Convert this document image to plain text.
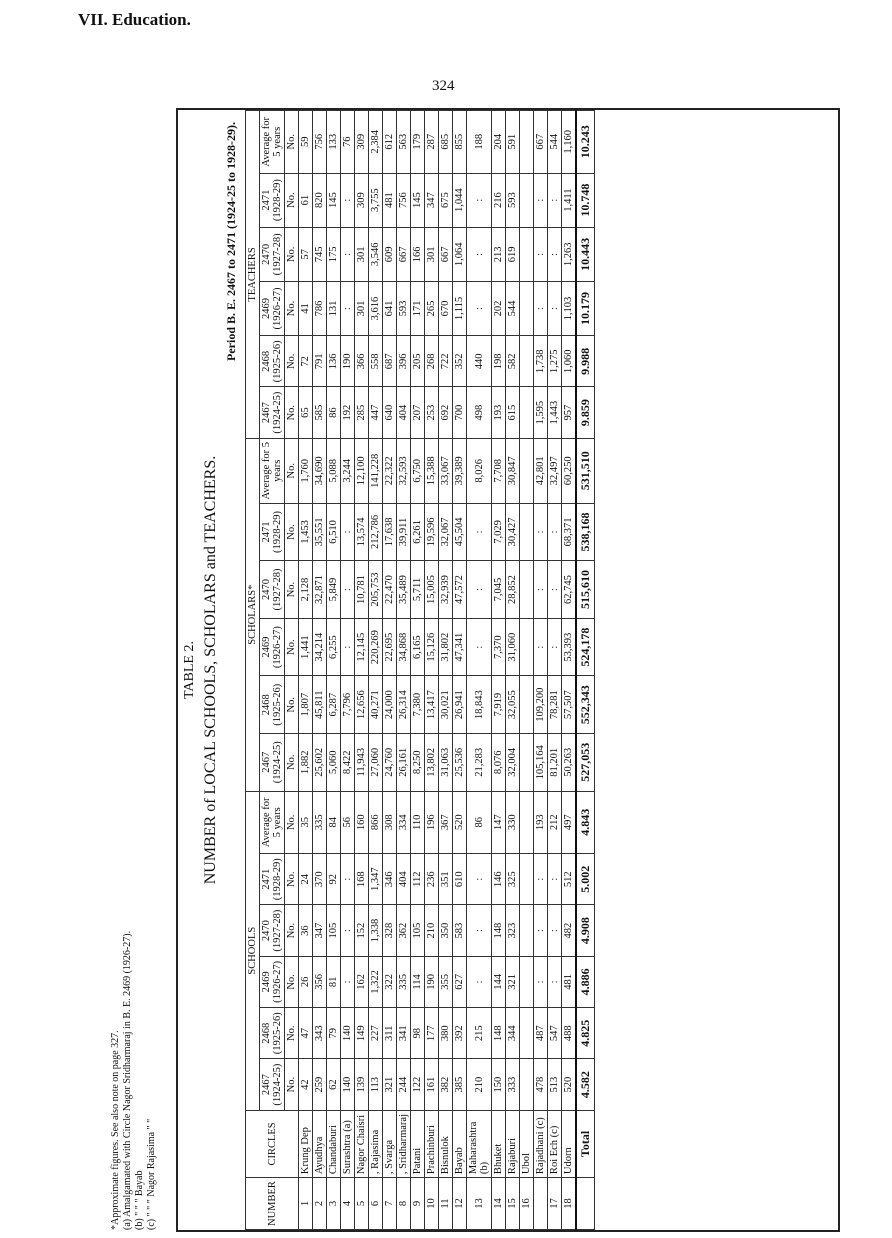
VII. Education.
324
TABLE 2. NUMBER of LOCAL SCHOOLS, SCHOLARS and TEACHERS.
Period B. E. 2467 to 2471 (1924-25 to 1928-29).
NUMBER	CIRCLES	SCHOOLS						SCHOLARS*						TEACHERS					
		2467 (1924-25)	2468 (1925-26)	2469 (1926-27)	2470 (1927-28)	2471 (1928-29)	Average for 5 years	2467 (1924-25)	2468 (1925-26)	2469 (1926-27)	2470 (1927-28)	2471 (1928-29)	Average for 5 years	2467 (1924-25)	2468 (1925-26)	2469 (1926-27)	2470 (1927-28)	2471 (1928-29)	Average for 5 years
		No.	No.	No.	No.	No.	No.	No.	No.	No.	No.	No.	No.	No.	No.	No.	No.	No.	No.
1	Krung Dep	42	47	26	36	24	35	1,882	1,807	1,441	2,128	1,453	1,760	65	72	41	57	61	59
2	Ayudhya	259	343	356	347	370	335	25,602	45,811	34,214	32,871	35,551	34,690	585	791	786	745	820	756
3	Chandaburi	62	79	81	105	92	84	5,060	6,287	6,255	5,849	6,510	5,088	86	136	131	175	145	133
4	Surashtra (a)	140	140	:	:	:	56	8,422	7,796	:	:	:	3,244	192	190	:	:	:	76
5	Nagor Chaisri	139	149	162	152	168	160	11,943	12,656	12,145	10,781	13,574	12,100	285	366	301	301	309	309
6	, Rajasima	113	227	1,322	1,338	1,347	866	27,060	40,271	220,269	205,753	212,786	141,228	447	558	3,616	3,546	3,755	2,384
7	, Svarga	321	311	322	328	346	308	24,760	24,000	22,695	22,470	17,638	22,322	640	687	641	609	481	612
8	, Sridharmaraj	244	341	335	362	404	334	26,161	26,314	34,868	35,489	39,911	32,593	404	396	593	667	756	563
9	Patani	122	98	114	105	112	110	8,250	7,380	6,165	5,711	6,261	6,750	207	205	171	166	145	179
10	Prachinburi	161	177	190	210	236	196	13,802	13,417	15,126	15,005	19,596	15,388	253	268	265	301	347	287
11	Bisnulok	382	380	355	350	351	367	31,063	30,021	31,802	32,939	32,067	33,067	692	722	670	667	675	685
12	Bayab	385	392	627	583	610	520	25,536	26,941	47,341	47,572	45,504	39,389	700	352	1,115	1,064	1,044	855
13	Maharashtra (b)	210	215	:	:	:	86	21,283	18,843	:	:	:	8,026	498	440	:	:	:	188
14	Bhuket	150	148	144	148	146	147	8,076	7,919	7,370	7,045	7,029	7,708	193	198	202	213	216	204
15	Rajaburi	333	344	321	323	325	330	32,004	32,055	31,060	28,852	30,427	30,847	615	582	544	619	593	591
16	Ubol																		
	Rajadhani (c)	478	487	:	:	:	193	105,164	109,200	:	:	:	42,801	1,595	1,738	:	:	:	667
17	Roi Ech (c)	513	547	:	:	:	212	81,201	78,281	:	:	:	32,497	1,443	1,275	:	:	:	544
18	Udorn	520	488	481	482	512	497	50,263	57,507	53,393	62,745	68,371	60,250	957	1,060	1,103	1,263	1,411	1,160
	Total	4.582	4.825	4.886	4.908	5.002	4.843	527,053	552,343	524,178	515,610	538,168	531,510	9.859	9.988	10.179	10.443	10.748	10.243
*Approximate figures. See also note on page 327. (a) Amalgamated with Circle Nagor Sridharmaraj in B. E. 2469 (1926-27). (b) " " " Bayab (c) " " " Nagor Rajasima " "
